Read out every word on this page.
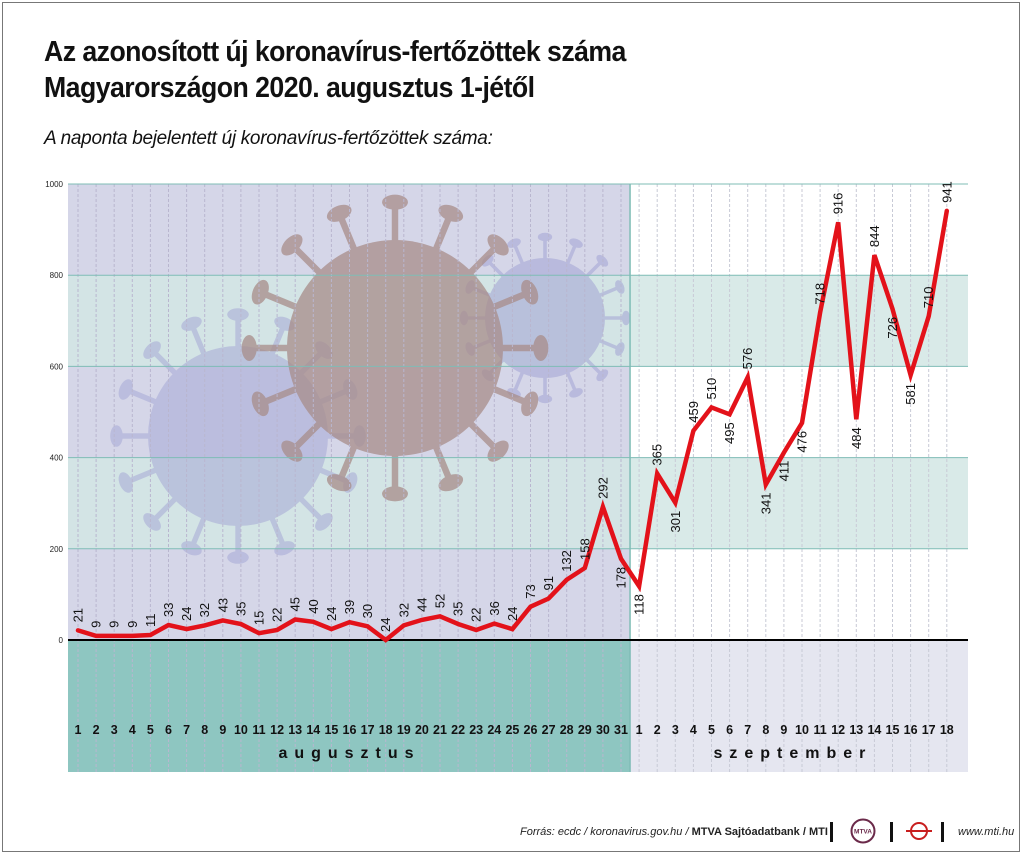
Az azonosított új koronavírus-fertőzöttek száma
Magyarországon 2020. augusztus 1-jétől
A naponta bejelentett új koronavírus-fertőzöttek száma:
0
200
400
600
800
1000
21
9 9 9 11
33 24 32 43 35
15 22
45 40
24 39 30
24
32 44 52
35 22 36 24
73
91
132
158
292
178
118
365
301
459
510
495
576
341
411
476
718
916
484
844
726
581
710
941
1 2 3 4 5 6 7 8 9 10 11 12 13 14 15 16 17 18 19 20 21 22 23 24 25 26 27 28 29 30 31
augusztus
1 2 3 4 5 6 7 8 9 10 11 12 13 14 15 16 17 18
szeptember
Forrás: ecdc / koronavirus.gov.hu / MTVA Sajtóadatbank / MTI	MTVA	www.mti.hu
